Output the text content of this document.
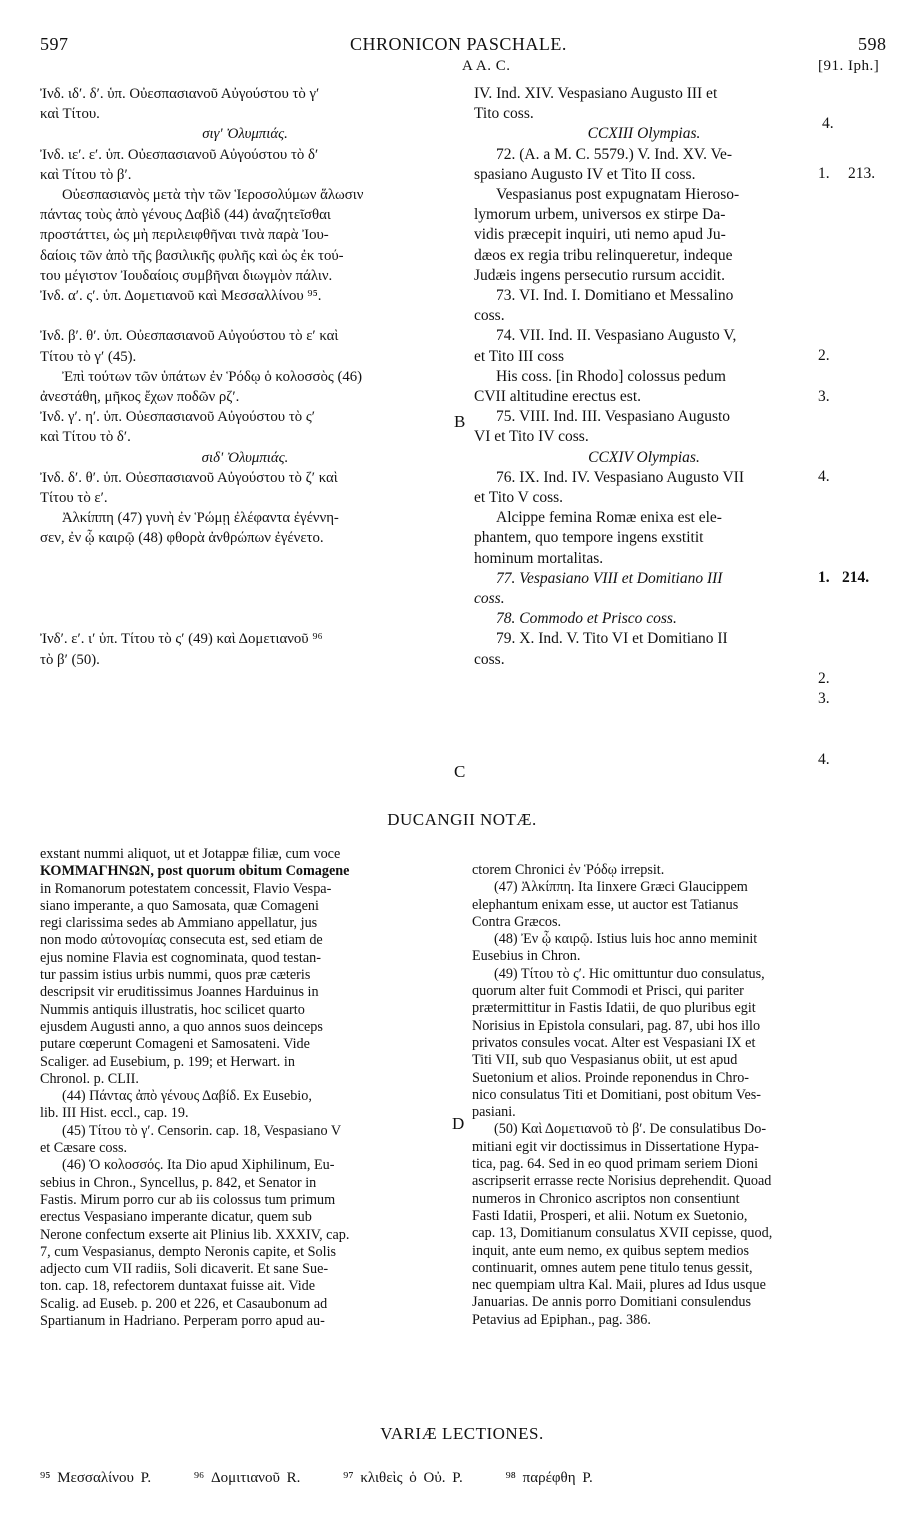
597	CHRONICON PASCHALE.	598
A A. C.	[91. Iph.]
Ἰνδ. ιδʹ. δʹ. ὑπ. Οὐεσπασιανοῦ Αὐγούστου τὸ γʹ
καὶ Τίτου.
σιγʹ Ὀλυμπιάς.
Ἰνδ. ιεʹ. εʹ. ὑπ. Οὐεσπασιανοῦ Αὐγούστου τὸ δʹ
καὶ Τίτου τὸ βʹ.
Οὐεσπασιανὸς μετὰ τὴν τῶν Ἱεροσολύμων ἅλωσιν
πάντας τοὺς ἀπὸ γένους Δαβὶδ (44) ἀναζητεῖσθαι
προστάττει, ὡς μὴ περιλειφθῆναι τινὰ παρὰ Ἰου-
δαίοις τῶν ἀπὸ τῆς βασιλικῆς φυλῆς καὶ ὡς ἐκ τού-
του μέγιστον Ἰουδαίοις συμβῆναι διωγμὸν πάλιν.
Ἰνδ. αʹ. ςʹ. ὑπ. Δομετιανοῦ καὶ Μεσσαλλίνου ⁹⁵.

Ἰνδ. βʹ. θʹ. ὑπ. Οὐεσπασιανοῦ Αὐγούστου τὸ εʹ καὶ
Τίτου τὸ γʹ (45).
Ἐπὶ τούτων τῶν ὑπάτων ἐν Ῥόδῳ ὁ κολοσσὸς (46)
ἀνεστάθη, μῆκος ἔχων ποδῶν ρζʹ.
Ἰνδ. γʹ. ηʹ. ὑπ. Οὐεσπασιανοῦ Αὐγούστου τὸ ςʹ
καὶ Τίτου τὸ δʹ.
σιδʹ Ὀλυμπιάς.
Ἰνδ. δʹ. θʹ. ὑπ. Οὐεσπασιανοῦ Αὐγούστου τὸ ζʹ καὶ
Τίτου τὸ εʹ.
Ἀλκίππη (47) γυνὴ ἐν Ῥώμῃ ἐλέφαντα ἐγέννη-
σεν, ἐν ᾧ καιρῷ (48) φθορὰ ἀνθρώπων ἐγένετο.

Ἰνδʹ. εʹ. ιʹ ὑπ. Τίτου τὸ ςʹ (49) καὶ Δομετιανοῦ ⁹⁶
τὸ βʹ (50).
B
C
IV. Ind. XIV. Vespasiano Augusto III et
Tito coss.
CCXIII Olympias.
72. (A. a M. C. 5579.) V. Ind. XV. Ve-
spasiano Augusto IV et Tito II coss.
Vespasianus post expugnatam Hieroso-
lymorum urbem, universos ex stirpe Da-
vidis præcepit inquiri, uti nemo apud Ju-
dæos ex regia tribu relinqueretur, indeque
Judæis ingens persecutio rursum accidit.
73. VI. Ind. I. Domitiano et Messalino
coss.
74. VII. Ind. II. Vespasiano Augusto V,
et Tito III coss
His coss. [in Rhodo] colossus pedum
CVII altitudine erectus est.
75. VIII. Ind. III. Vespasiano Augusto
VI et Tito IV coss.
CCXIV Olympias.
76. IX. Ind. IV. Vespasiano Augusto VII
et Tito V coss.
Alcippe femina Romæ enixa est ele-
phantem, quo tempore ingens exstitit
hominum mortalitas.
77. Vespasiano VIII et Domitiano III
coss.
78. Commodo et Prisco coss.
79. X. Ind. V. Tito VI et Domitiano II
coss.
4.
1. 213.
2.
3.
4.
1. 214.
2.
3.
4.
DUCANGII NOTÆ.
exstant nummi aliquot, ut et Jotappæ filiæ, cum voce
ΚΟΜΜΑΓΗΝΩΝ, post quorum obitum Comagene
in Romanorum potestatem concessit, Flavio Vespa-
siano imperante, a quo Samosata, quæ Comageni
regi clarissima sedes ab Ammiano appellatur, jus
non modo αὐτονομίας consecuta est, sed etiam de
ejus nomine Flavia est cognominata, quod testan-
tur passim istius urbis nummi, quos præ cæteris
descripsit vir eruditissimus Joannes Harduinus in
Nummis antiquis illustratis, hoc scilicet quarto
ejusdem Augusti anno, a quo annos suos deinceps
putare cœperunt Comageni et Samosateni. Vide
Scaliger. ad Eusebium, p. 199; et Herwart. in
Chronol. p. CLII.
(44) Πάντας ἀπὸ γένους Δαβίδ. Ex Eusebio,
lib. III Hist. eccl., cap. 19.
(45) Τίτου τὸ γʹ. Censorin. cap. 18, Vespasiano V
et Cæsare coss.
(46) Ὁ κολοσσός. Ita Dio apud Xiphilinum, Eu-
sebius in Chron., Syncellus, p. 842, et Senator in
Fastis. Mirum porro cur ab iis colossus tum primum
erectus Vespasiano imperante dicatur, quem sub
Nerone confectum exserte ait Plinius lib. XXXIV, cap.
7, cum Vespasianus, dempto Neronis capite, et Solis
adjecto cum VII radiis, Soli dicaverit. Et sane Sue-
ton. cap. 18, refectorem duntaxat fuisse ait. Vide
Scalig. ad Euseb. p. 200 et 226, et Casaubonum ad
Spartianum in Hadriano. Perperam porro apud au-
D
ctorem Chronici ἐν Ῥόδῳ irrepsit.
(47) Ἀλκίππη. Ita Iinxere Græci Glaucippem
elephantum enixam esse, ut auctor est Tatianus
Contra Græcos.
(48) Ἐν ᾧ καιρῷ. Istius luis hoc anno meminit
Eusebius in Chron.
(49) Τίτου τὸ ςʹ. Hic omittuntur duo consulatus,
quorum alter fuit Commodi et Prisci, qui pariter
prætermittitur in Fastis Idatii, de quo pluribus egit
Norisius in Epistola consulari, pag. 87, ubi hos illo
privatos consules vocat. Alter est Vespasiani IX et
Titi VII, sub quo Vespasianus obiit, ut est apud
Suetonium et alios. Proinde reponendus in Chro-
nico consulatus Titi et Domitiani, post obitum Ves-
pasiani.
(50) Καὶ Δομετιανοῦ τὸ βʹ. De consulatibus Do-
mitiani egit vir doctissimus in Dissertatione Hypa-
tica, pag. 64. Sed in eo quod primam seriem Dioni
ascripserit errasse recte Norisius deprehendit. Quoad
numeros in Chronico ascriptos non consentiunt
Fasti Idatii, Prosperi, et alii. Notum ex Suetonio,
cap. 13, Domitianum consulatus XVII cepisse, quod,
inquit, ante eum nemo, ex quibus septem medios
continuarit, omnes autem pene titulo tenus gessit,
nec quempiam ultra Kal. Maii, plures ad Idus usque
Januarias. De annis porro Domitiani consulendus
Petavius ad Epiphan., pag. 386.
VARIÆ LECTIONES.
⁹⁵ Μεσσαλίνου P.	⁹⁶ Δομιτιανοῦ R.	⁹⁷ κλιθεὶς ὁ Οὐ. P.	⁹⁸ παρέφθη P.
